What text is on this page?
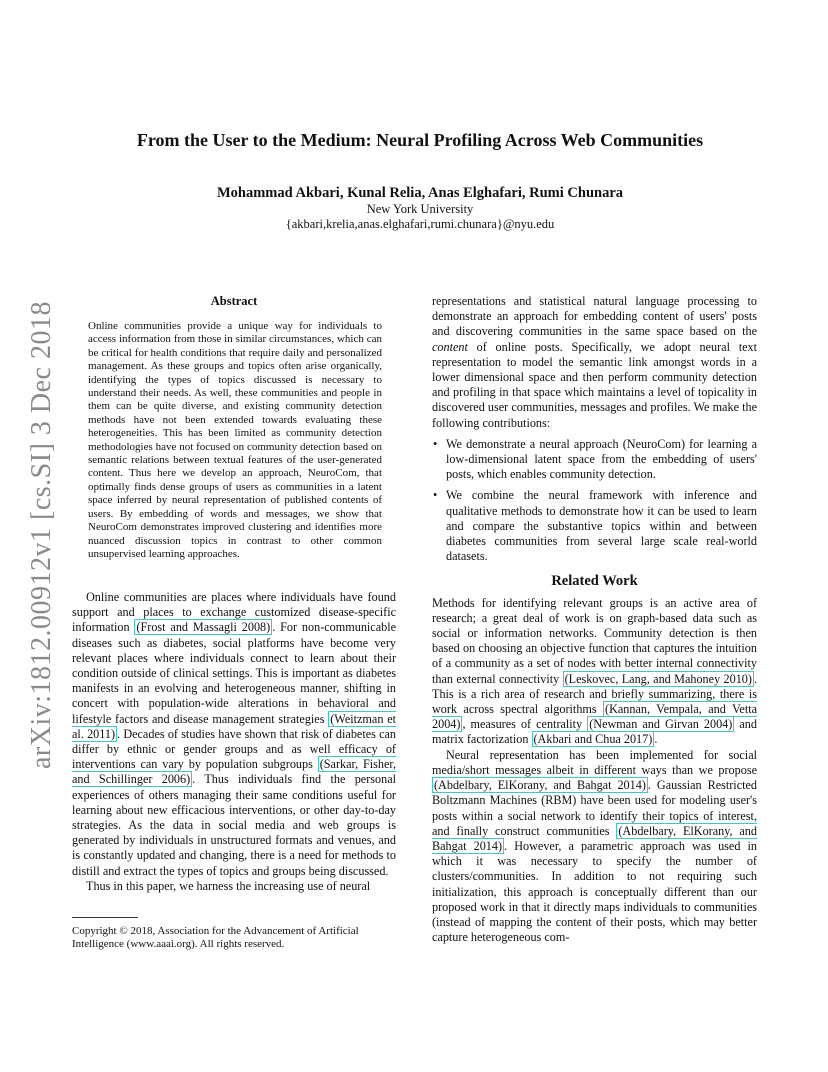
arXiv:1812.00912v1 [cs.SI] 3 Dec 2018
From the User to the Medium: Neural Profiling Across Web Communities
Mohammad Akbari, Kunal Relia, Anas Elghafari, Rumi Chunara
New York University
{akbari,krelia,anas.elghafari,rumi.chunara}@nyu.edu
Abstract
Online communities provide a unique way for individuals to access information from those in similar circumstances, which can be critical for health conditions that require daily and personalized management. As these groups and topics often arise organically, identifying the types of topics discussed is necessary to understand their needs. As well, these communities and people in them can be quite diverse, and existing community detection methods have not been extended towards evaluating these heterogeneities. This has been limited as community detection methodologies have not focused on community detection based on semantic relations between textual features of the user-generated content. Thus here we develop an approach, NeuroCom, that optimally finds dense groups of users as communities in a latent space inferred by neural representation of published contents of users. By embedding of words and messages, we show that NeuroCom demonstrates improved clustering and identifies more nuanced discussion topics in contrast to other common unsupervised learning approaches.

Online communities are places where individuals have found support and places to exchange customized disease-specific information (Frost and Massagli 2008) . For non-communicable diseases such as diabetes, social platforms have become very relevant places where individuals connect to learn about their condition outside of clinical settings. This is important as diabetes manifests in an evolving and heterogeneous manner, shifting in concert with population-wide alterations in behavioral and lifestyle factors and disease management strategies (Weitzman et al. 2011) . Decades of studies have shown that risk of diabetes can differ by ethnic or gender groups and as well efficacy of interventions can vary by population subgroups (Sarkar, Fisher, and Schillinger 2006) . Thus individuals find the personal experiences of others managing their same conditions useful for learning about new efficacious interventions, or other day-to-day strategies. As the data in social media and web groups is generated by individuals in unstructured formats and venues, and is constantly updated and changing, there is a need for methods to distill and extract the types of topics and groups being discussed.

Thus in this paper, we harness the increasing use of neural

Copyright © 2018, Association for the Advancement of Artificial Intelligence (www.aaai.org). All rights reserved.

representations and statistical natural language processing to demonstrate an approach for embedding content of users' posts and discovering communities in the same space based on the content of online posts. Specifically, we adopt neural text representation to model the semantic link amongst words in a lower dimensional space and then perform community detection and profiling in that space which maintains a level of topicality in discovered user communities, messages and profiles. We make the following contributions:

• We demonstrate a neural approach (NeuroCom) for learning a low-dimensional latent space from the embedding of users' posts, which enables community detection.
• We combine the neural framework with inference and qualitative methods to demonstrate how it can be used to learn and compare the substantive topics within and between diabetes communities from several large scale real-world datasets.
Related Work

Methods for identifying relevant groups is an active area of research; a great deal of work is on graph-based data such as social or information networks. Community detection is then based on choosing an objective function that captures the intuition of a community as a set of nodes with better internal connectivity than external connectivity (Leskovec, Lang, and Mahoney 2010) . This is a rich area of research and briefly summarizing, there is work across spectral algorithms (Kannan, Vempala, and Vetta 2004) , measures of centrality (Newman and Girvan 2004) and matrix factorization (Akbari and Chua 2017) .

Neural representation has been implemented for social media/short messages albeit in different ways than we propose (Abdelbary, ElKorany, and Bahgat 2014) . Gaussian Restricted Boltzmann Machines (RBM) have been used for modeling user's posts within a social network to identify their topics of interest, and finally construct communities (Abdelbary, ElKorany, and Bahgat 2014) . However, a parametric approach was used in which it was necessary to specify the number of clusters/communities. In addition to not requiring such initialization, this approach is conceptually different than our proposed work in that it directly maps individuals to communities (instead of mapping the content of their posts, which may better capture heterogeneous com-
